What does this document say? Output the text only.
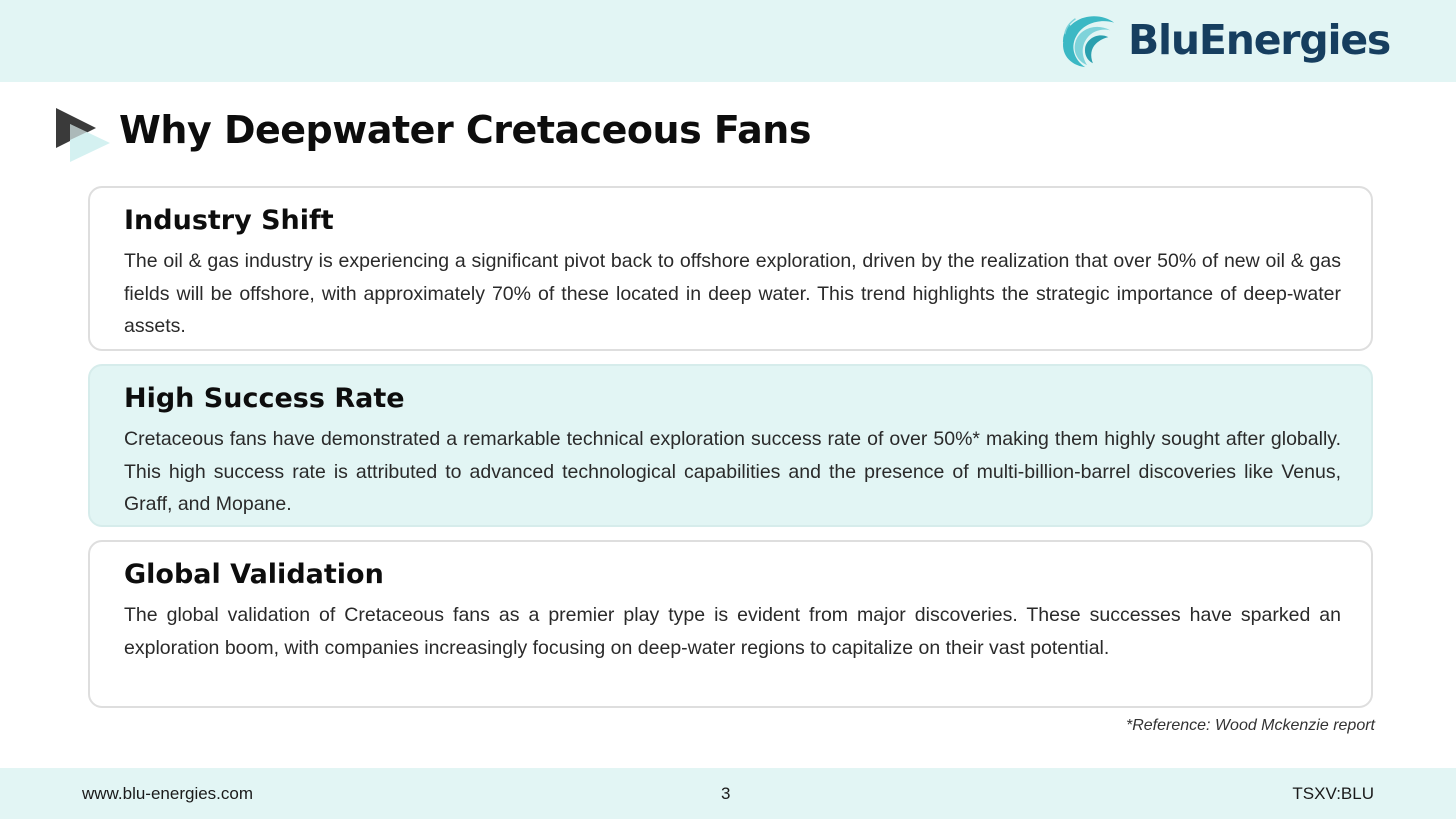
BluEnergies
Why Deepwater Cretaceous Fans
Industry Shift

The oil & gas industry is experiencing a significant pivot back to offshore exploration, driven by the realization that over 50% of new oil & gas fields will be offshore, with approximately 70% of these located in deep water. This trend highlights the strategic importance of deep-water assets.

High Success Rate

Cretaceous fans have demonstrated a remarkable technical exploration success rate of over 50%* making them highly sought after globally. This high success rate is attributed to advanced technological capabilities and the presence of multi-billion-barrel discoveries like Venus, Graff, and Mopane.

Global Validation

The global validation of Cretaceous fans as a premier play type is evident from major discoveries. These successes have sparked an exploration boom, with companies increasingly focusing on deep-water regions to capitalize on their vast potential.

*Reference: Wood Mckenzie report
www.blu-energies.com	3	TSXV:BLU
